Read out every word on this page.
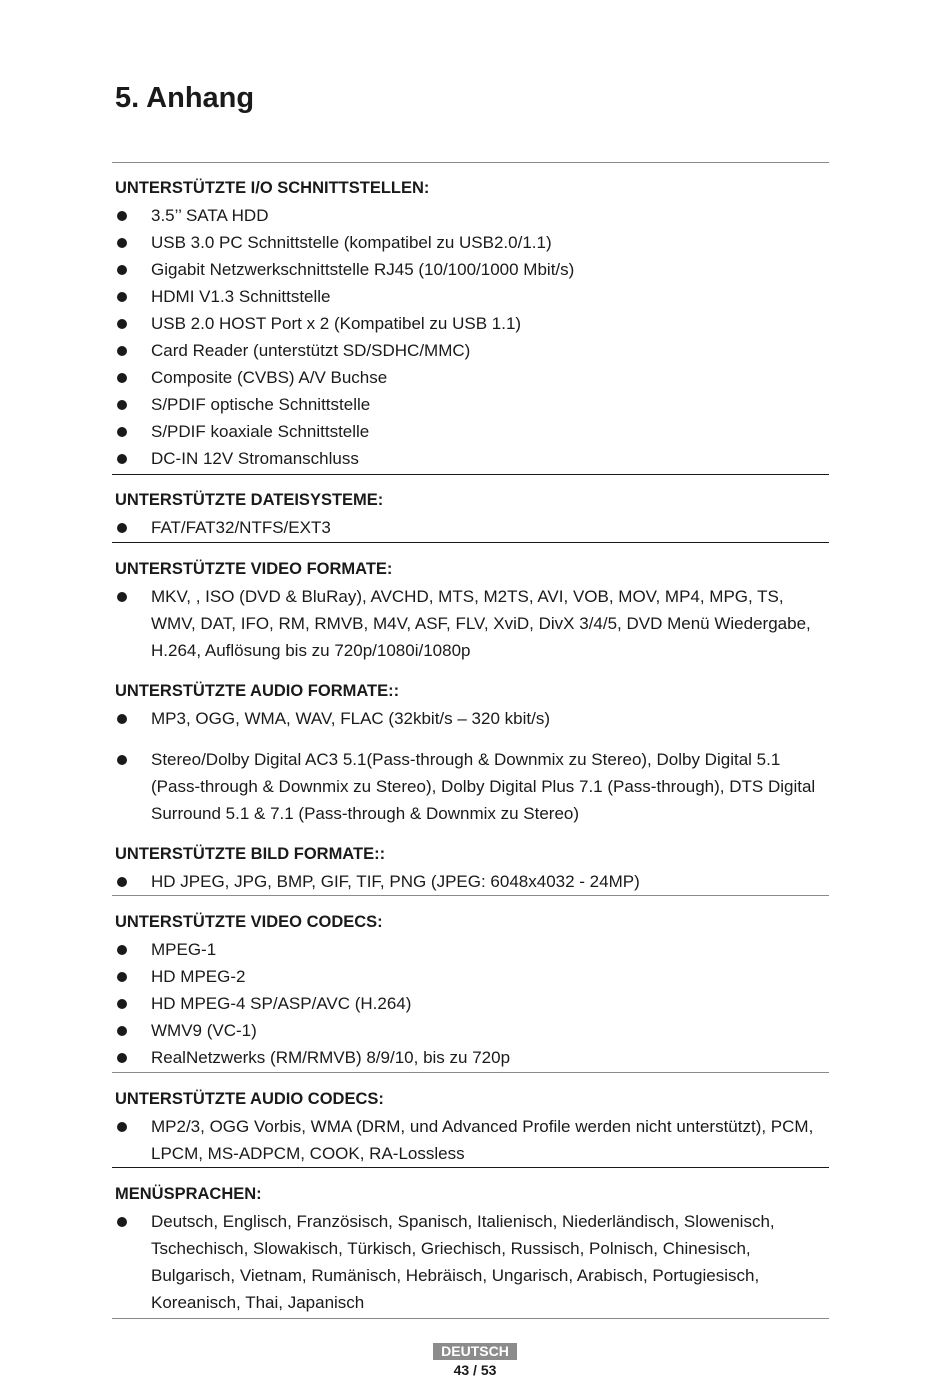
5. Anhang
UNTERSTÜTZTE I/O SCHNITTSTELLEN:
3.5’’ SATA HDD
USB 3.0 PC Schnittstelle (kompatibel zu USB2.0/1.1)
Gigabit Netzwerkschnittstelle RJ45 (10/100/1000 Mbit/s)
HDMI V1.3 Schnittstelle
USB 2.0 HOST Port x 2 (Kompatibel zu USB 1.1)
Card Reader (unterstützt SD/SDHC/MMC)
Composite (CVBS) A/V Buchse
S/PDIF optische Schnittstelle
S/PDIF koaxiale Schnittstelle
DC-IN 12V Stromanschluss
UNTERSTÜTZTE DATEISYSTEME:
FAT/FAT32/NTFS/EXT3
UNTERSTÜTZTE VIDEO FORMATE:
MKV, , ISO (DVD & BluRay), AVCHD, MTS, M2TS, AVI, VOB, MOV, MP4, MPG, TS, WMV, DAT, IFO, RM, RMVB, M4V, ASF, FLV, XviD, DivX 3/4/5, DVD Menü Wiedergabe, H.264, Auflösung bis zu 720p/1080i/1080p
UNTERSTÜTZTE AUDIO FORMATE::
MP3, OGG, WMA, WAV, FLAC (32kbit/s – 320 kbit/s)
Stereo/Dolby Digital AC3 5.1(Pass-through & Downmix zu Stereo), Dolby Digital 5.1 (Pass-through & Downmix zu Stereo), Dolby Digital Plus 7.1 (Pass-through), DTS Digital Surround 5.1 & 7.1 (Pass-through & Downmix zu Stereo)
UNTERSTÜTZTE BILD FORMATE::
HD JPEG, JPG, BMP, GIF, TIF, PNG (JPEG: 6048x4032 - 24MP)
UNTERSTÜTZTE VIDEO CODECS:
MPEG-1
HD MPEG-2
HD MPEG-4 SP/ASP/AVC (H.264)
WMV9 (VC-1)
RealNetzwerks (RM/RMVB) 8/9/10, bis zu 720p
UNTERSTÜTZTE AUDIO CODECS:
MP2/3, OGG Vorbis, WMA (DRM, und Advanced Profile werden nicht unterstützt), PCM, LPCM, MS-ADPCM, COOK, RA-Lossless
MENÜSPRACHEN:
Deutsch, Englisch, Französisch, Spanisch, Italienisch, Niederländisch, Slowenisch, Tschechisch, Slowakisch, Türkisch, Griechisch, Russisch, Polnisch, Chinesisch, Bulgarisch, Vietnam, Rumänisch, Hebräisch, Ungarisch, Arabisch, Portugiesisch, Koreanisch, Thai, Japanisch
DEUTSCH
43 / 53
